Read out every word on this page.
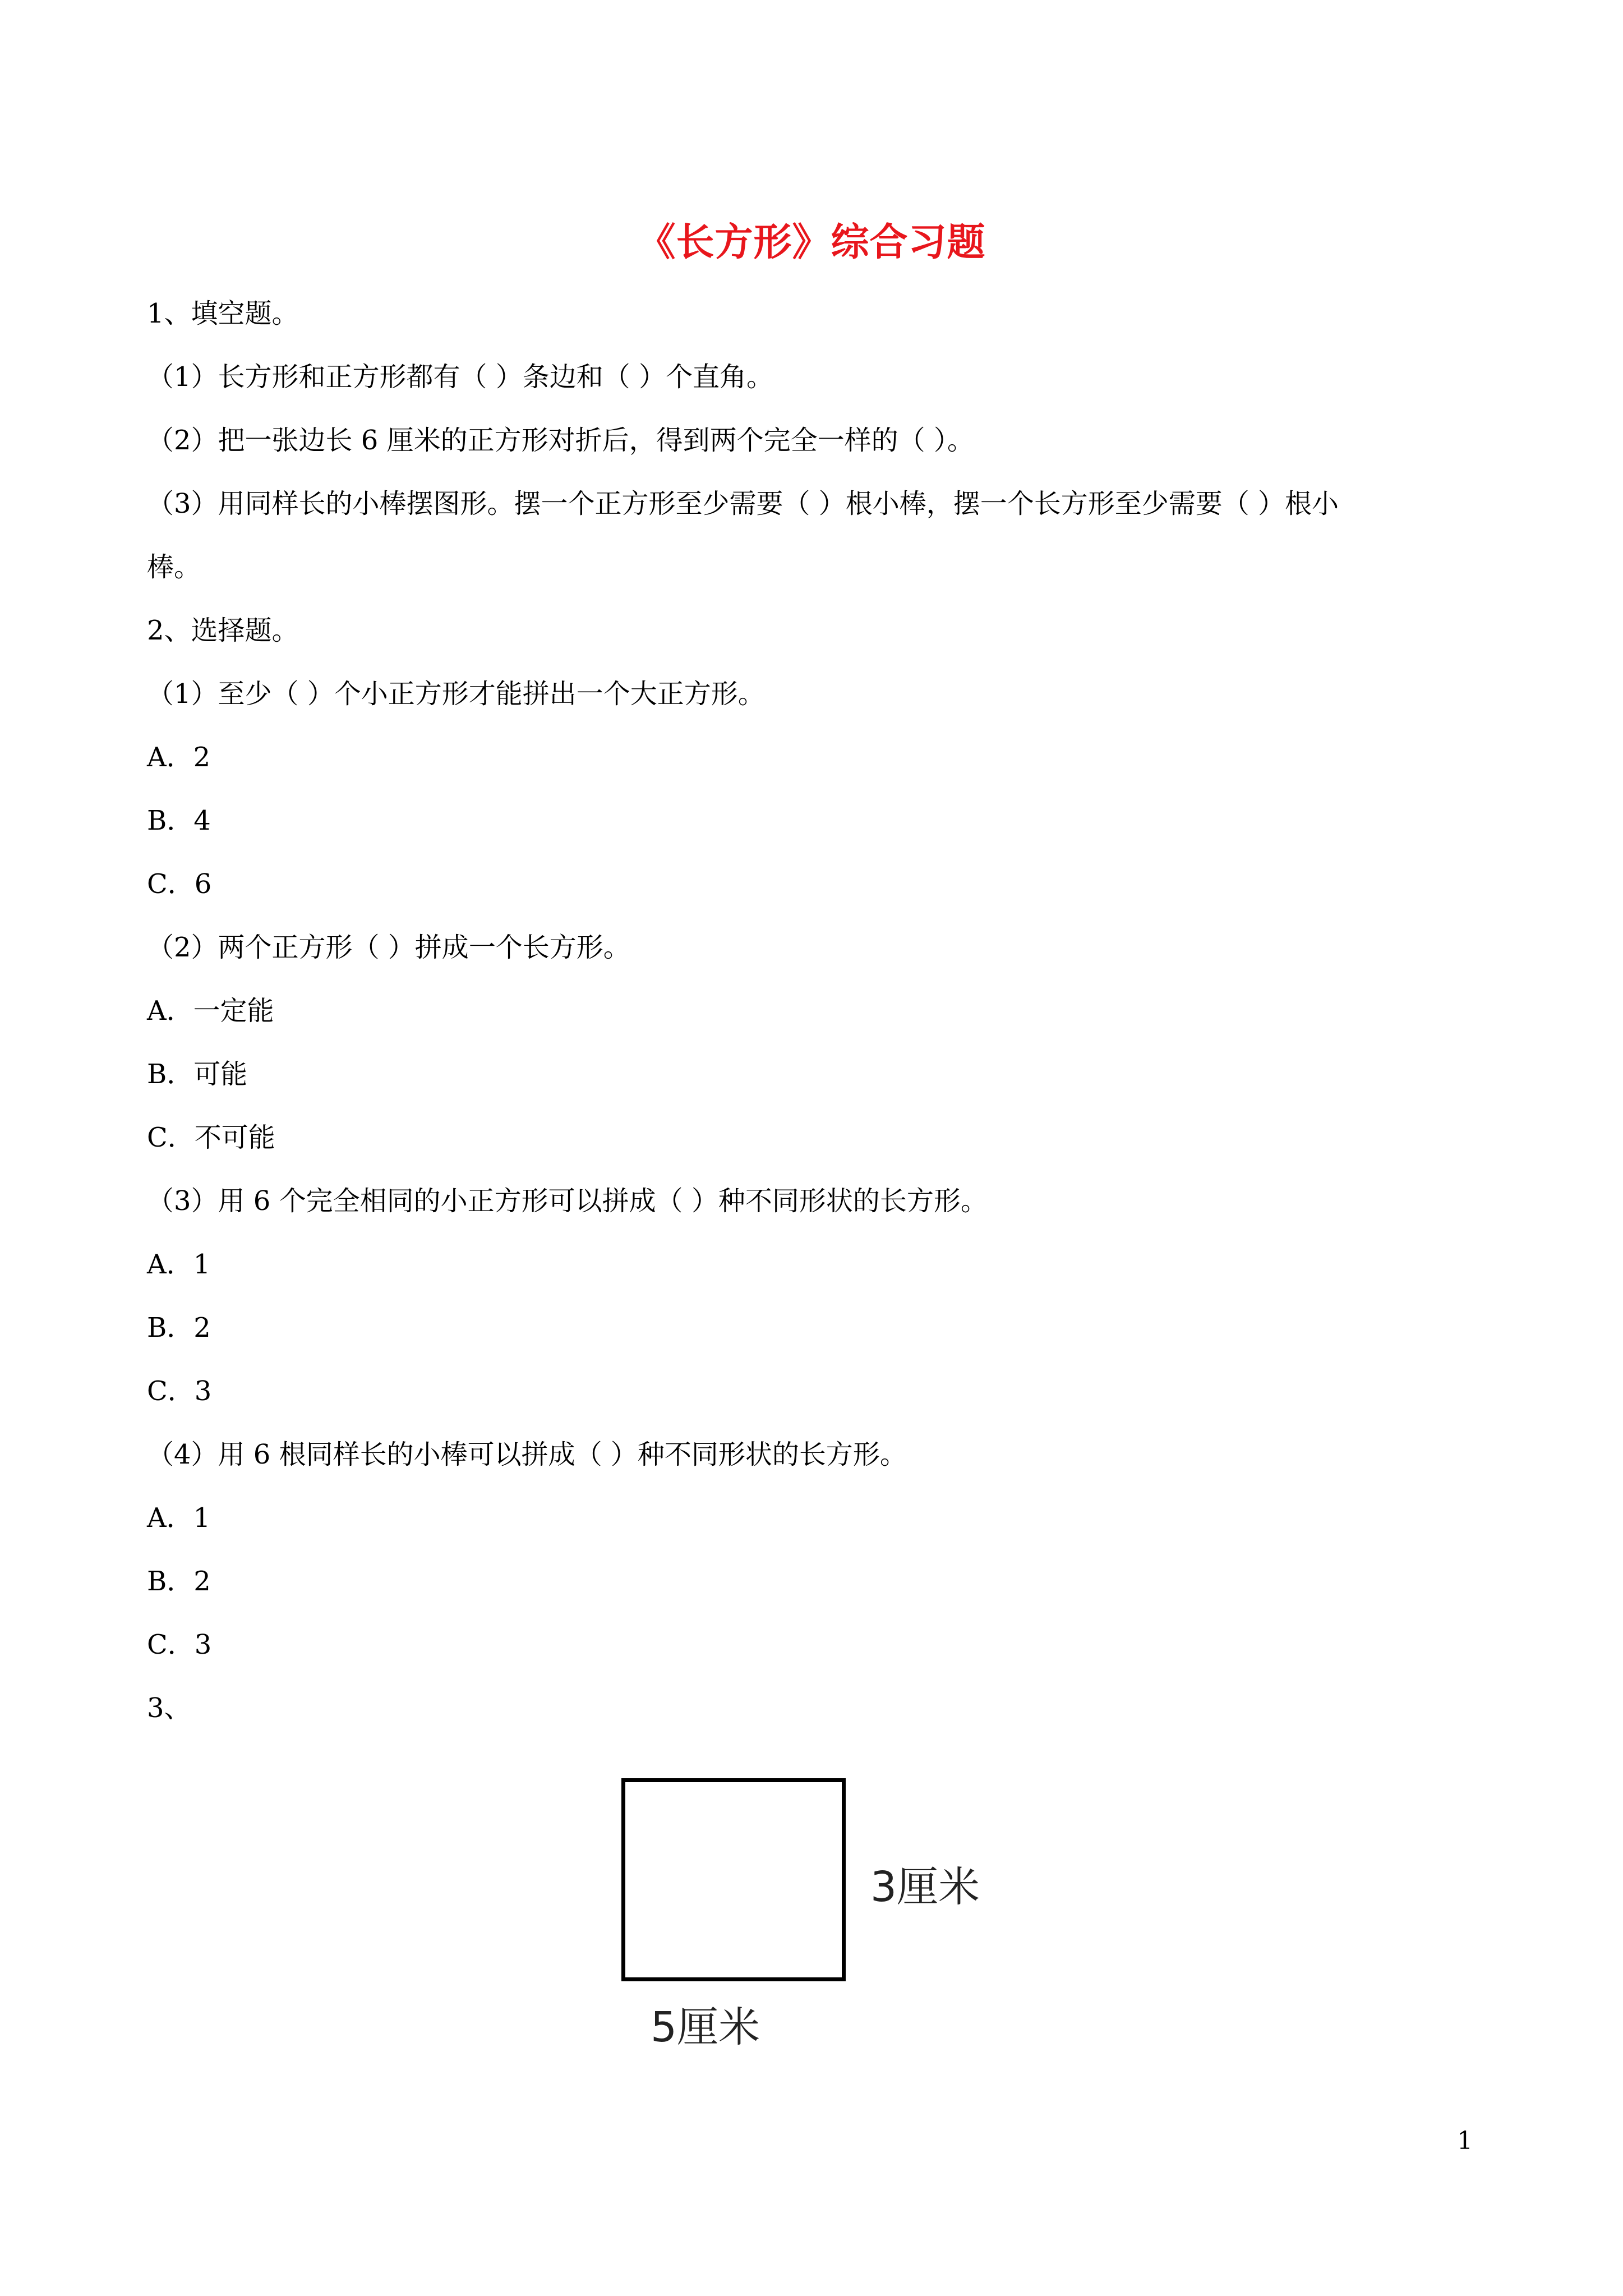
《长方形》综合习题
1、填空题。
（1）长方形和正方形都有（ ）条边和（ ）个直角。
（2）把一张边长 6 厘米的正方形对折后，得到两个完全一样的（ ）。
（3）用同样长的小棒摆图形。摆一个正方形至少需要（ ）根小棒，摆一个长方形至少需要（ ）根小
棒。
2、选择题。
（1）至少（ ）个小正方形才能拼出一个大正方形。
A．2
B．4
C．6
（2）两个正方形（ ）拼成一个长方形。
A．一定能
B．可能
C．不可能
（3）用 6 个完全相同的小正方形可以拼成（ ）种不同形状的长方形。
A．1
B．2
C．3
（4）用 6 根同样长的小棒可以拼成（ ）种不同形状的长方形。
A．1
B．2
C．3
3、
3厘米
5厘米
1
